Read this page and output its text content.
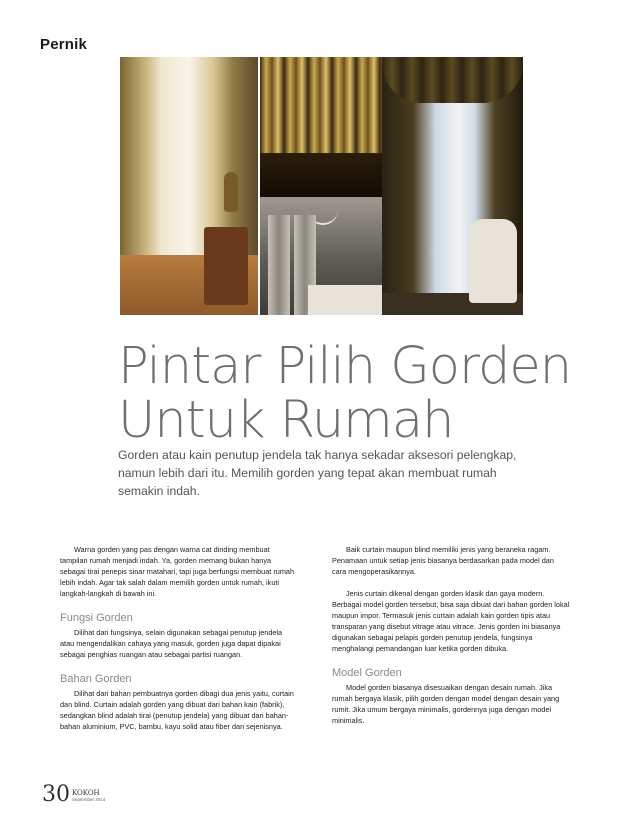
Pernik
Pintar Pilih Gorden
Untuk Rumah

Gorden atau kain penutup jendela tak hanya sekadar aksesori pelengkap, namun lebih dari itu. Memilih gorden yang tepat akan membuat rumah semakin indah.

Warna gorden yang pas dengan warna cat dinding membuat tampilan rumah menjadi indah. Ya, gorden memang bukan hanya sebagai tirai penepis sinar matahari, tapi juga berfungsi membuat rumah lebih indah. Agar tak salah dalam memilih gorden untuk rumah, ikuti langkah-langkah di bawah ini.

Fungsi Gorden

Dilihat dari fungsinya, selain digunakan sebagai penutup jendela atau mengendalikan cahaya yang masuk, gorden juga dapat dipakai sebagai penghias ruangan atau sebagai partisi ruangan.

Bahan Gorden

Dilihat dari bahan pembuatnya gorden dibagi dua jenis yaitu, curtain dan blind. Curtain adalah gorden yang dibuat dari bahan kain (fabrik), sedangkan blind adalah tirai (penutup jendela) yang dibuat dari bahan-bahan aluminium, PVC, bambu, kayu solid atau fiber dan sejenisnya.

Baik curtain maupun blind memiliki jenis yang beraneka ragam. Penamaan untuk setiap jenis biasanya berdasarkan pada model dan cara mengoperasikannya.

Jenis curtain dikenal dengan gorden klasik dan gaya modern. Berbagai model gorden tersebut, bisa saja dibuat dari bahan gorden lokal maupun impor. Termasuk jenis curtain adalah kain gorden tipis atau transparan yang disebut vitrage atau vitrace. Jenis gorden ini biasanya digunakan sebagai pelapis gorden penutup jendela, fungsinya menghalangi pemandangan luar ketika gorden dibuka.

Model Gorden

Model gorden biasanya disesuaikan dengan desain rumah. Jika rumah bergaya klasik, pilih gorden dengan model dengan desain yang rumit. Jika umum bergaya minimalis, gordennya juga dengan model minimalis.

30 KOKOH
September 2014
